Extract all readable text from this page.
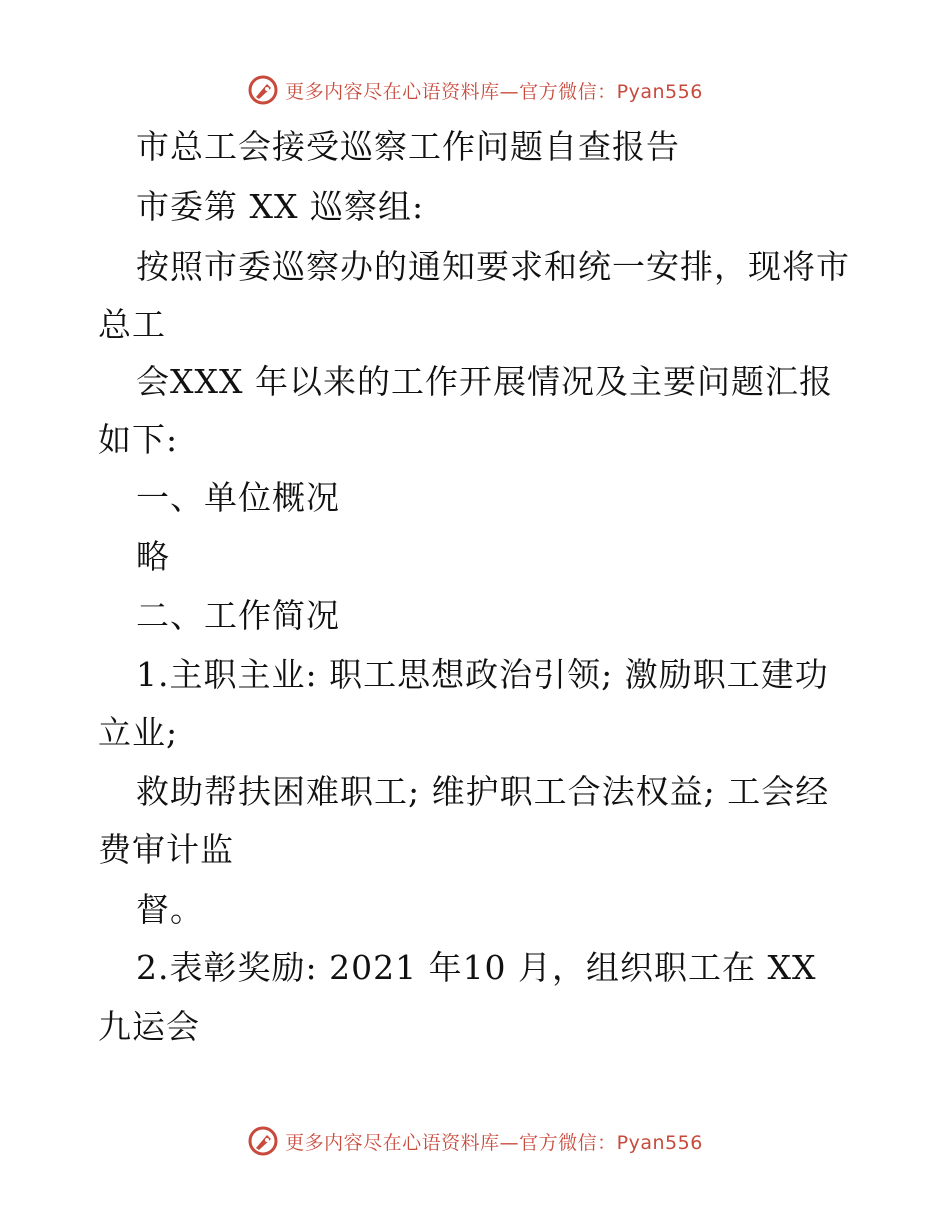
更多内容尽在心语资料库—官方微信：Pyan556
市总工会接受巡察工作问题自查报告
市委第 XX 巡察组:
按照市委巡察办的通知要求和统一安排，现将市
总工
会XXX 年以来的工作开展情况及主要问题汇报
如下:
一、单位概况
略
二、工作简况
1.主职主业: 职工思想政治引领; 激励职工建功
立业;
救助帮扶困难职工; 维护职工合法权益; 工会经
费审计监
督。
2.表彰奖励: 2021 年10 月，组织职工在 XX
九运会
更多内容尽在心语资料库—官方微信：Pyan556
